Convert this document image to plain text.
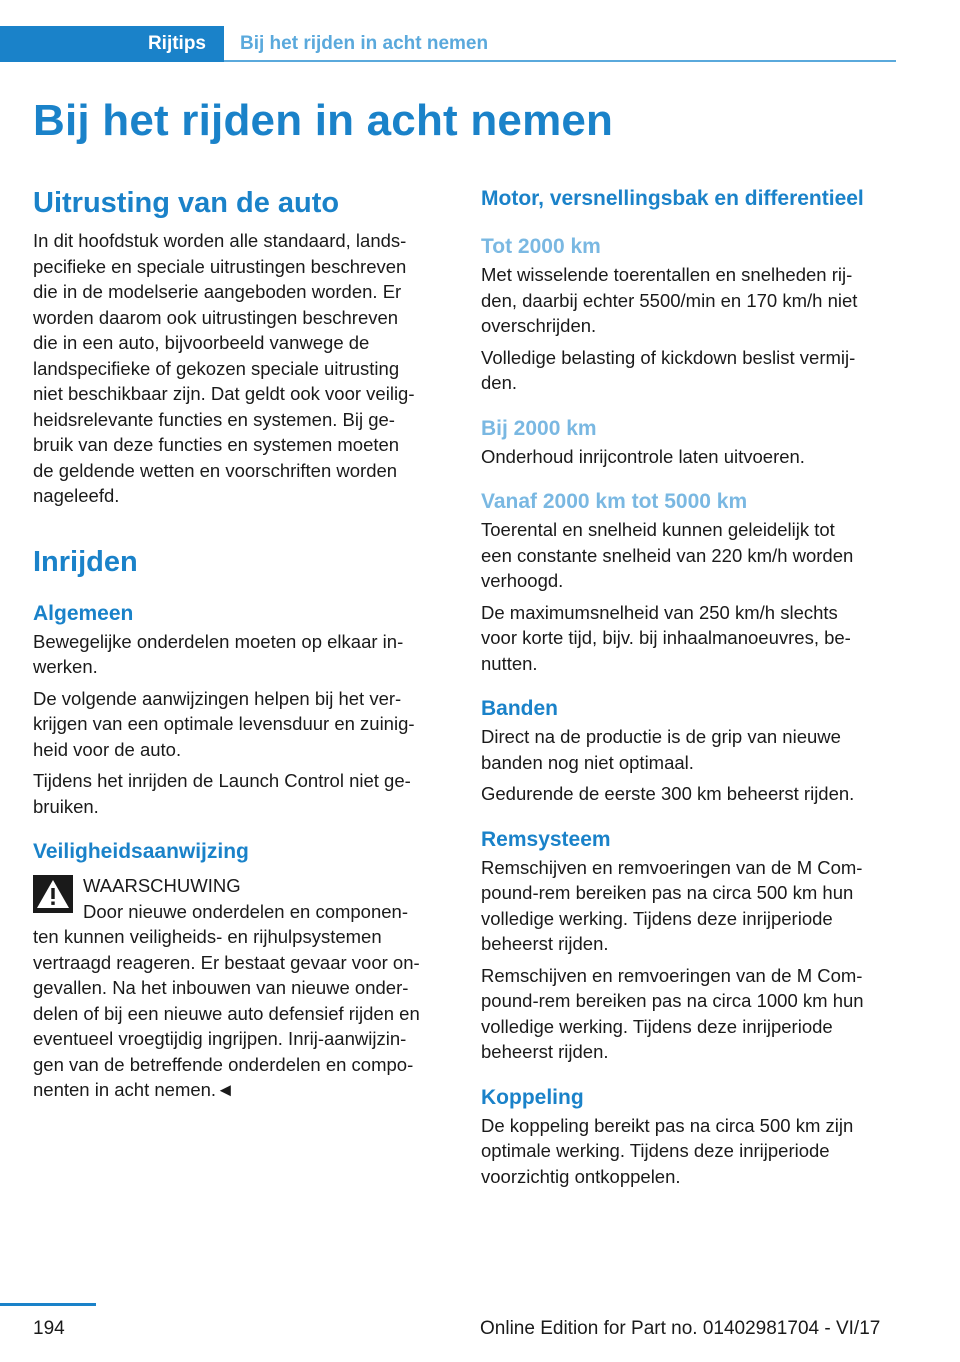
Rijtips	Bij het rijden in acht nemen
Bij het rijden in acht nemen
Uitrusting van de auto

In dit hoofdstuk worden alle standaard, lands-
pecifieke en speciale uitrustingen beschreven
die in de modelserie aangeboden worden. Er
worden daarom ook uitrustingen beschreven
die in een auto, bijvoorbeeld vanwege de
landspecifieke of gekozen speciale uitrusting
niet beschikbaar zijn. Dat geldt ook voor veilig-
heidsrelevante functies en systemen. Bij ge-
bruik van deze functies en systemen moeten
de geldende wetten en voorschriften worden
nageleefd.

Inrijden
Algemeen

Bewegelijke onderdelen moeten op elkaar in-
werken.

De volgende aanwijzingen helpen bij het ver-
krijgen van een optimale levensduur en zuinig-
heid voor de auto.

Tijdens het inrijden de Launch Control niet ge-
bruiken.

Veiligheidsaanwijzing

WAARSCHUWING

Door nieuwe onderdelen en componen-

ten kunnen veiligheids- en rijhulpsystemen
vertraagd reageren. Er bestaat gevaar voor on-
gevallen. Na het inbouwen van nieuwe onder-
delen of bij een nieuwe auto defensief rijden en
eventueel vroegtijdig ingrijpen. Inrij-aanwijzin-
gen van de betreffende onderdelen en compo-
nenten in acht nemen.◄

Motor, versnellingsbak en differentieel
Tot 2000 km

Met wisselende toerentallen en snelheden rij-
den, daarbij echter 5500/min en 170 km/h niet
overschrijden.

Volledige belasting of kickdown beslist vermij-
den.

Bij 2000 km

Onderhoud inrijcontrole laten uitvoeren.

Vanaf 2000 km tot 5000 km

Toerental en snelheid kunnen geleidelijk tot
een constante snelheid van 220 km/h worden
verhoogd.

De maximumsnelheid van 250 km/h slechts
voor korte tijd, bijv. bij inhaalmanoeuvres, be-
nutten.

Banden

Direct na de productie is de grip van nieuwe
banden nog niet optimaal.

Gedurende de eerste 300 km beheerst rijden.

Remsysteem

Remschijven en remvoeringen van de M Com-
pound-rem bereiken pas na circa 500 km hun
volledige werking. Tijdens deze inrijperiode
beheerst rijden.

Remschijven en remvoeringen van de M Com-
pound-rem bereiken pas na circa 1000 km hun
volledige werking. Tijdens deze inrijperiode
beheerst rijden.

Koppeling

De koppeling bereikt pas na circa 500 km zijn
optimale werking. Tijdens deze inrijperiode
voorzichtig ontkoppelen.

194	Online Edition for Part no. 01402981704 - VI/17
